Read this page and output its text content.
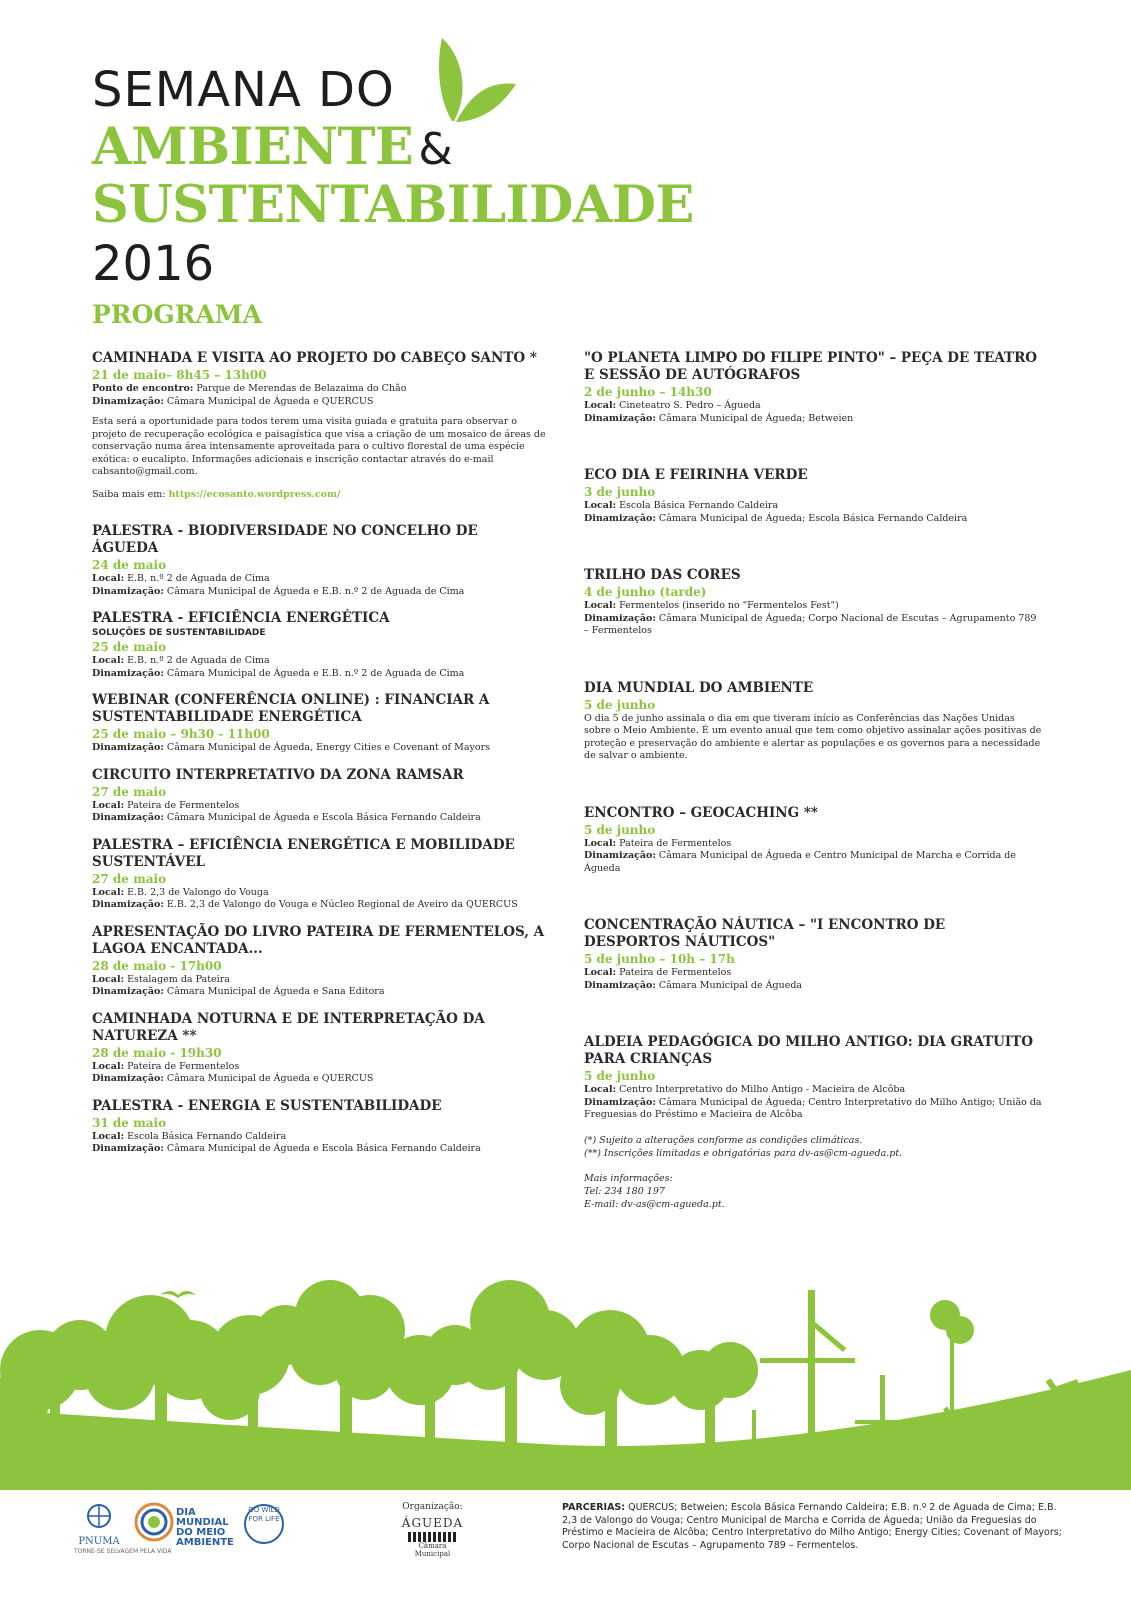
SEMANA DO
AMBIENTE &
SUSTENTABILIDADE
2016
PROGRAMA
CAMINHADA E VISITA AO PROJETO DO CABEÇO SANTO *
21 de maio– 8h45 – 13h00
Ponto de encontro: Parque de Merendas de Belazaima do Chão
Dinamização: Câmara Municipal de Águeda e QUERCUS
Esta será a oportunidade para todos terem uma visita guiada e gratuita para observar o projeto de recuperação ecológica e paisagística que visa a criação de um mosaico de áreas de conservação numa área intensamente aproveitada para o cultivo florestal de uma espécie exótica: o eucalipto. Informações adicionais e inscrição contactar através do e-mail cabsanto@gmail.com.
Saiba mais em: https://ecosanto.wordpress.com/
PALESTRA - BIODIVERSIDADE NO CONCELHO DE ÁGUEDA
24 de maio
Local: E.B. n.º 2 de Aguada de Cima
Dinamização: Câmara Municipal de Águeda e E.B. n.º 2 de Aguada de Cima
PALESTRA - EFICIÊNCIA ENERGÉTICA
SOLUÇÕES DE SUSTENTABILIDADE
25 de maio
Local: E.B. n.º 2 de Aguada de Cima
Dinamização: Câmara Municipal de Águeda e E.B. n.º 2 de Aguada de Cima
WEBINAR (CONFERÊNCIA ONLINE) : FINANCIAR A SUSTENTABILIDADE ENERGÉTICA
25 de maio – 9h30 - 11h00
Dinamização: Câmara Municipal de Águeda, Energy Cities e Covenant of Mayors
CIRCUITO INTERPRETATIVO DA ZONA RAMSAR
27 de maio
Local: Pateira de Fermentelos
Dinamização: Câmara Municipal de Águeda e Escola Básica Fernando Caldeira
PALESTRA – EFICIÊNCIA ENERGÉTICA E MOBILIDADE SUSTENTÁVEL
27 de maio
Local: E.B. 2,3 de Valongo do Vouga
Dinamização: E.B. 2,3 de Valongo do Vouga e Núcleo Regional de Aveiro da QUERCUS
APRESENTAÇÃO DO LIVRO PATEIRA DE FERMENTELOS, A LAGOA ENCANTADA...
28 de maio - 17h00
Local: Estalagem da Pateira
Dinamização: Câmara Municipal de Águeda e Sana Editora
CAMINHADA NOTURNA E DE INTERPRETAÇÃO DA NATUREZA **
28 de maio - 19h30
Local: Pateira de Fermentelos
Dinamização: Câmara Municipal de Águeda e QUERCUS
PALESTRA - ENERGIA E SUSTENTABILIDADE
31 de maio
Local: Escola Básica Fernando Caldeira
Dinamização: Câmara Municipal de Águeda e Escola Básica Fernando Caldeira
"O PLANETA LIMPO DO FILIPE PINTO" – PEÇA DE TEATRO E SESSÃO DE AUTÓGRAFOS
2 de junho – 14h30
Local: Cineteatro S. Pedro – Águeda
Dinamização: Câmara Municipal de Águeda; Betweien
ECO DIA E FEIRINHA VERDE
3 de junho
Local: Escola Básica Fernando Caldeira
Dinamização: Câmara Municipal de Águeda; Escola Básica Fernando Caldeira
TRILHO DAS CORES
4 de junho (tarde)
Local: Fermentelos (inserido no "Fermentelos Fest")
Dinamização: Câmara Municipal de Águeda; Corpo Nacional de Escutas – Agrupamento 789 – Fermentelos
DIA MUNDIAL DO AMBIENTE
5 de junho
O dia 5 de junho assinala o dia em que tiveram início as Conferências das Nações Unidas sobre o Meio Ambiente. É um evento anual que tem como objetivo assinalar ações positivas de proteção e preservação do ambiente e alertar as populações e os governos para a necessidade de salvar o ambiente.
ENCONTRO – GEOCACHING **
5 de junho
Local: Pateira de Fermentelos
Dinamização: Câmara Municipal de Águeda e Centro Municipal de Marcha e Corrida de Águeda
CONCENTRAÇÃO NÁUTICA – "I ENCONTRO DE DESPORTOS NÁUTICOS"
5 de junho – 10h – 17h
Local: Pateira de Fermentelos
Dinamização: Câmara Municipal de Águeda
ALDEIA PEDAGÓGICA DO MILHO ANTIGO: DIA GRATUITO PARA CRIANÇAS
5 de junho
Local: Centro Interpretativo do Milho Antigo - Macieira de Alcôba
Dinamização: Câmara Municipal de Águeda; Centro Interpretativo do Milho Antigo; União da Freguesias do Préstimo e Macieira de Alcôba
(*) Sujeito a alterações conforme as condições climáticas.
(**) Inscrições limitadas e obrigatórias para dv-as@cm-agueda.pt.
Mais informações:
Tel: 234 180 197
E-mail: dv-as@cm-agueda.pt.
PNUMA
DIA MUNDIAL
DO MEIO
AMBIENTE
GO WILD FOR LIFE
TORNE-SE SELVAGEM PELA VIDA
Organização:
ÁGUEDA
Câmara Municipal
PARCERIAS: QUERCUS; Betweien; Escola Básica Fernando Caldeira; E.B. n.º 2 de Aguada de Cima; E.B. 2,3 de Valongo do Vouga; Centro Municipal de Marcha e Corrida de Águeda; União da Freguesias do Préstimo e Macieira de Alcôba; Centro Interpretativo do Milho Antigo; Energy Cities; Covenant of Mayors; Corpo Nacional de Escutas – Agrupamento 789 – Fermentelos.
